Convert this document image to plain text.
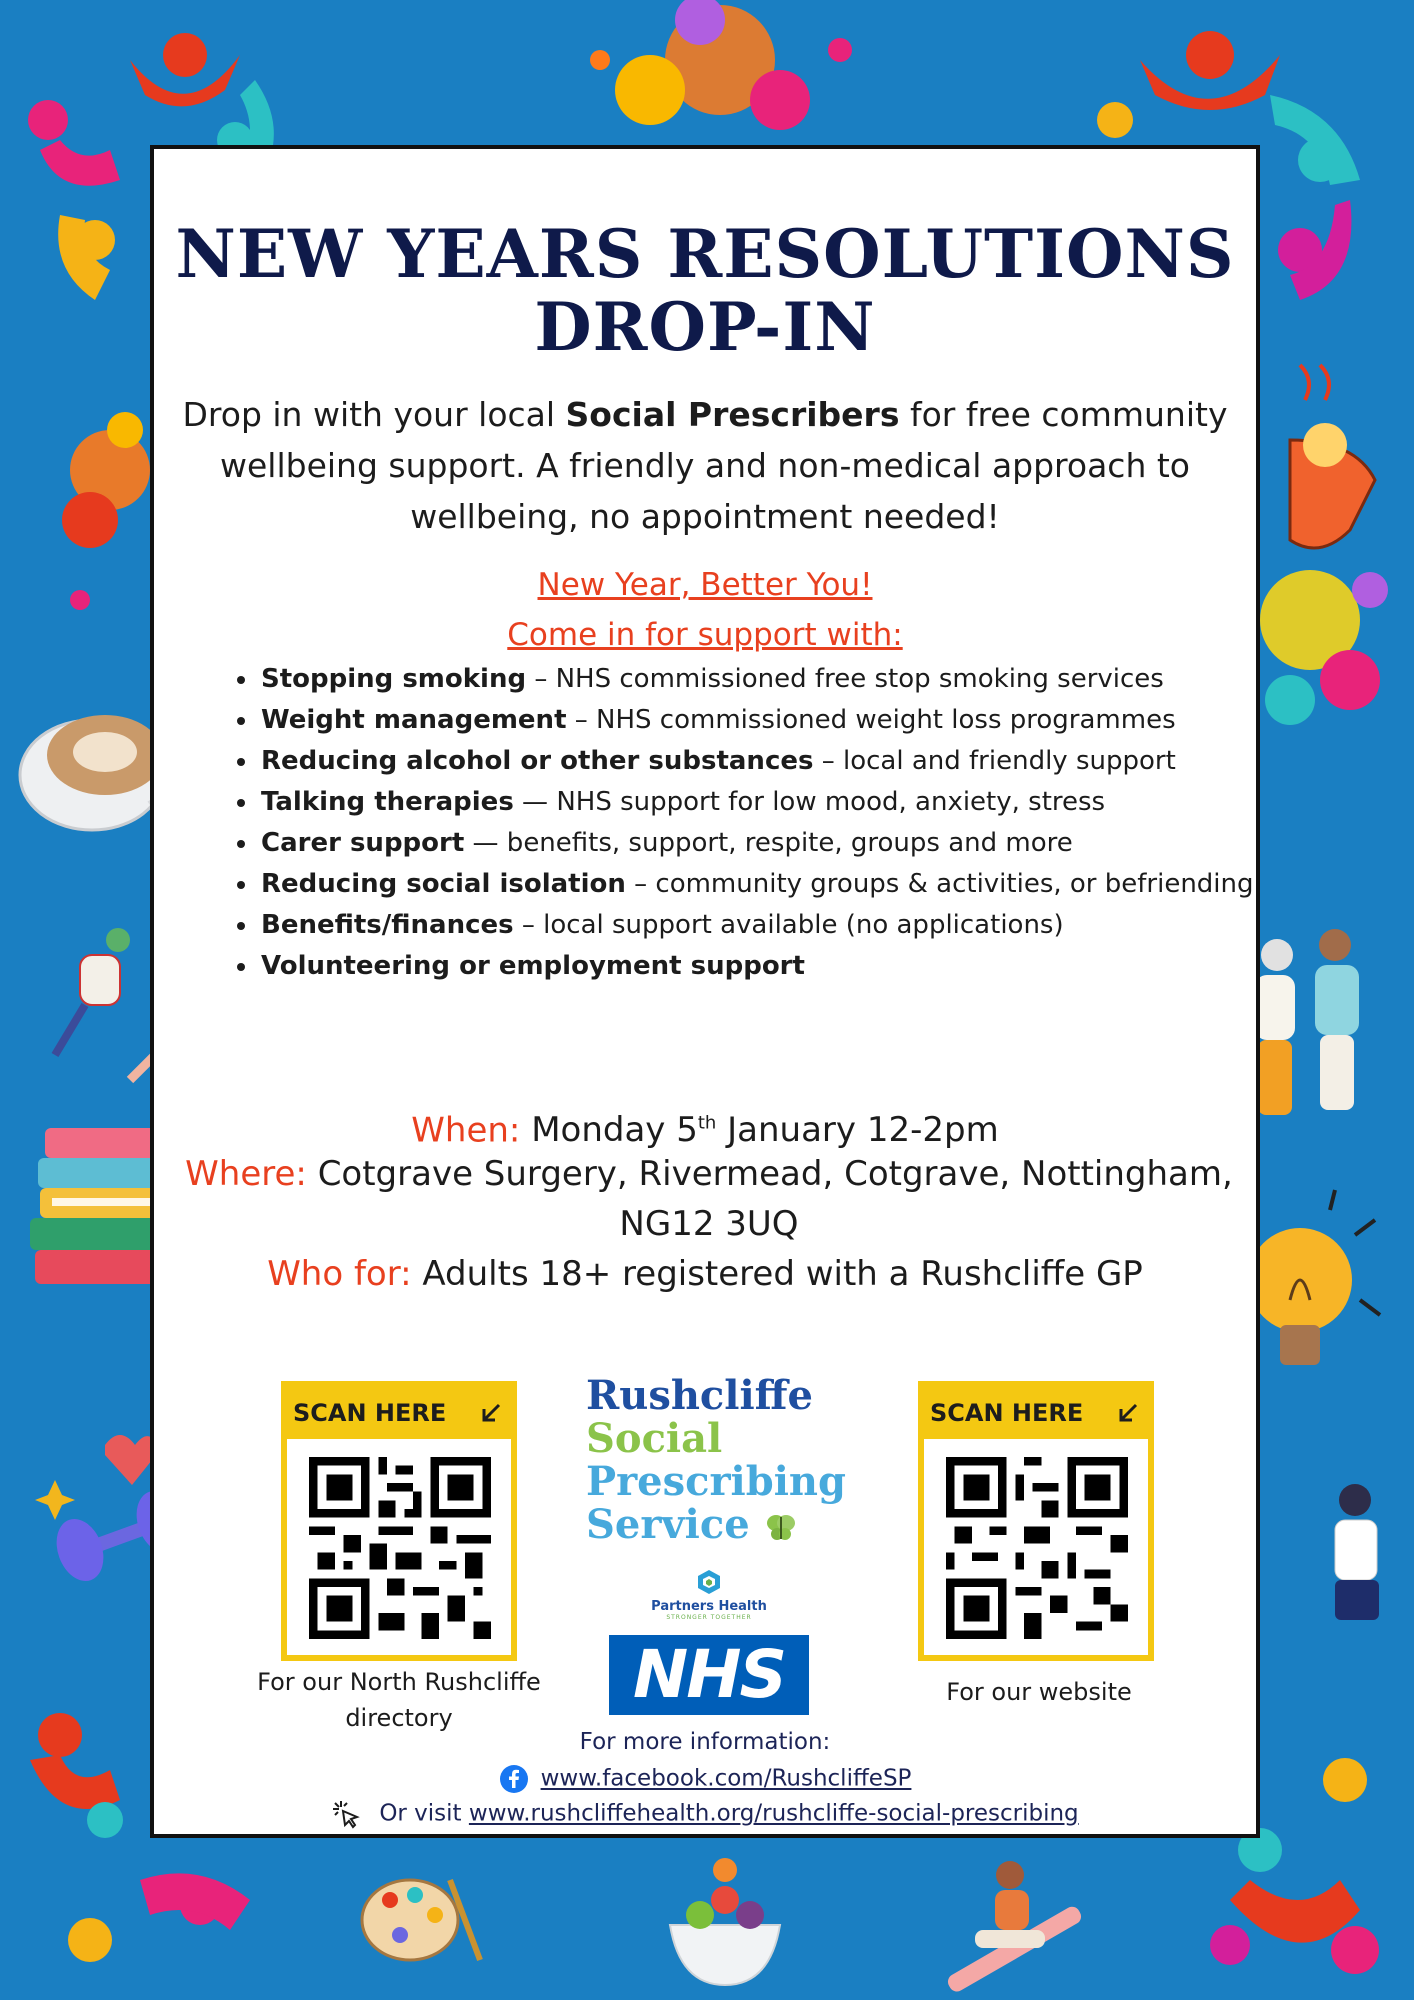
NEW YEARS RESOLUTIONS
DROP-IN
Drop in with your local Social Prescribers for free community wellbeing support. A friendly and non-medical approach to wellbeing, no appointment needed!
New Year, Better You!
Come in for support with:
• Stopping smoking – NHS commissioned free stop smoking services
• Weight management – NHS commissioned weight loss programmes
• Reducing alcohol or other substances – local and friendly support
• Talking therapies — NHS support for low mood, anxiety, stress
• Carer support — benefits, support, respite, groups and more
• Reducing social isolation – community groups & activities, or befriending
• Benefits/finances – local support available (no applications)
• Volunteering or employment support
When: Monday 5th January 12-2pm
Where: Cotgrave Surgery, Rivermead, Cotgrave, Nottingham, NG12 3UQ
Who for: Adults 18+ registered with a Rushcliffe GP
SCAN HERE
For our North Rushcliffe directory
SCAN HERE
For our website
Rushcliffe
Social
Prescribing
Service
Partners Health
STRONGER TOGETHER
NHS
For more information:
www.facebook.com/RushcliffeSP
Or visit www.rushcliffehealth.org/rushcliffe-social-prescribing
